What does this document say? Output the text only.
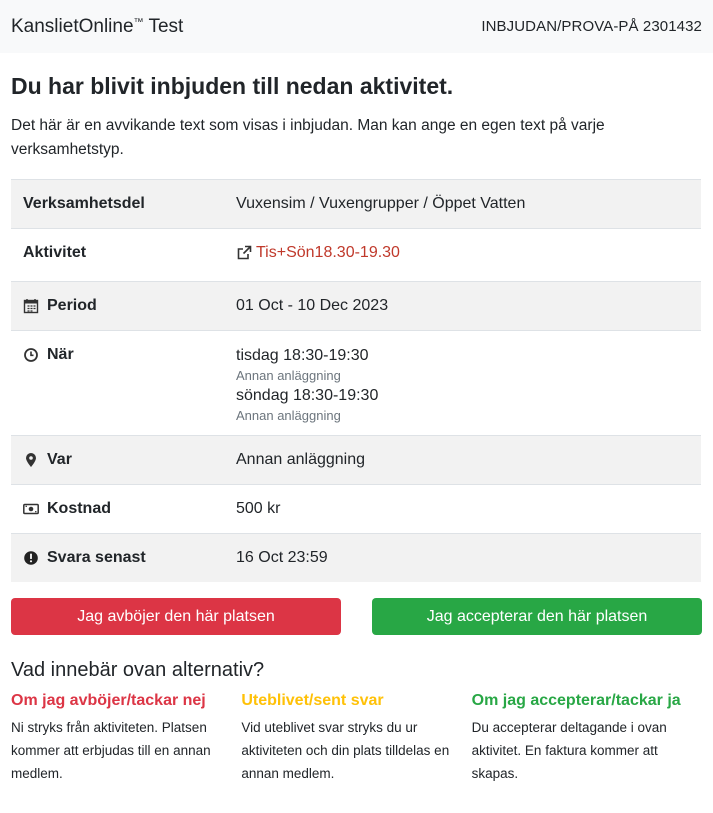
KanslietOnline™ Test	INBJUDAN/PROVA-PÅ 2301432
Du har blivit inbjuden till nedan aktivitet.

Det här är en avvikande text som visas i inbjudan. Man kan ange en egen text på varje verksamhetstyp.

Verksamhetsdel	Vuxensim / Vuxengrupper / Öppet Vatten
Aktivitet	Tis+Sön18.30-19.30

Period	01 Oct - 10 Dec 2023

När	tisdag 18:30-19:30
Annan anläggning
söndag 18:30-19:30
Annan anläggning

Var	Annan anläggning

Kostnad	500 kr

Svara senast	16 Oct 23:59
Jag avböjer den här platsen	Jag accepterar den här platsen
Vad innebär ovan alternativ?
Om jag avböjer/tackar nej

Ni stryks från aktiviteten. Platsen kommer att erbjudas till en annan medlem.

Uteblivet/sent svar

Vid uteblivet svar stryks du ur aktiviteten och din plats tilldelas en annan medlem.

Om jag accepterar/tackar ja

Du accepterar deltagande i ovan aktivitet. En faktura kommer att skapas.
